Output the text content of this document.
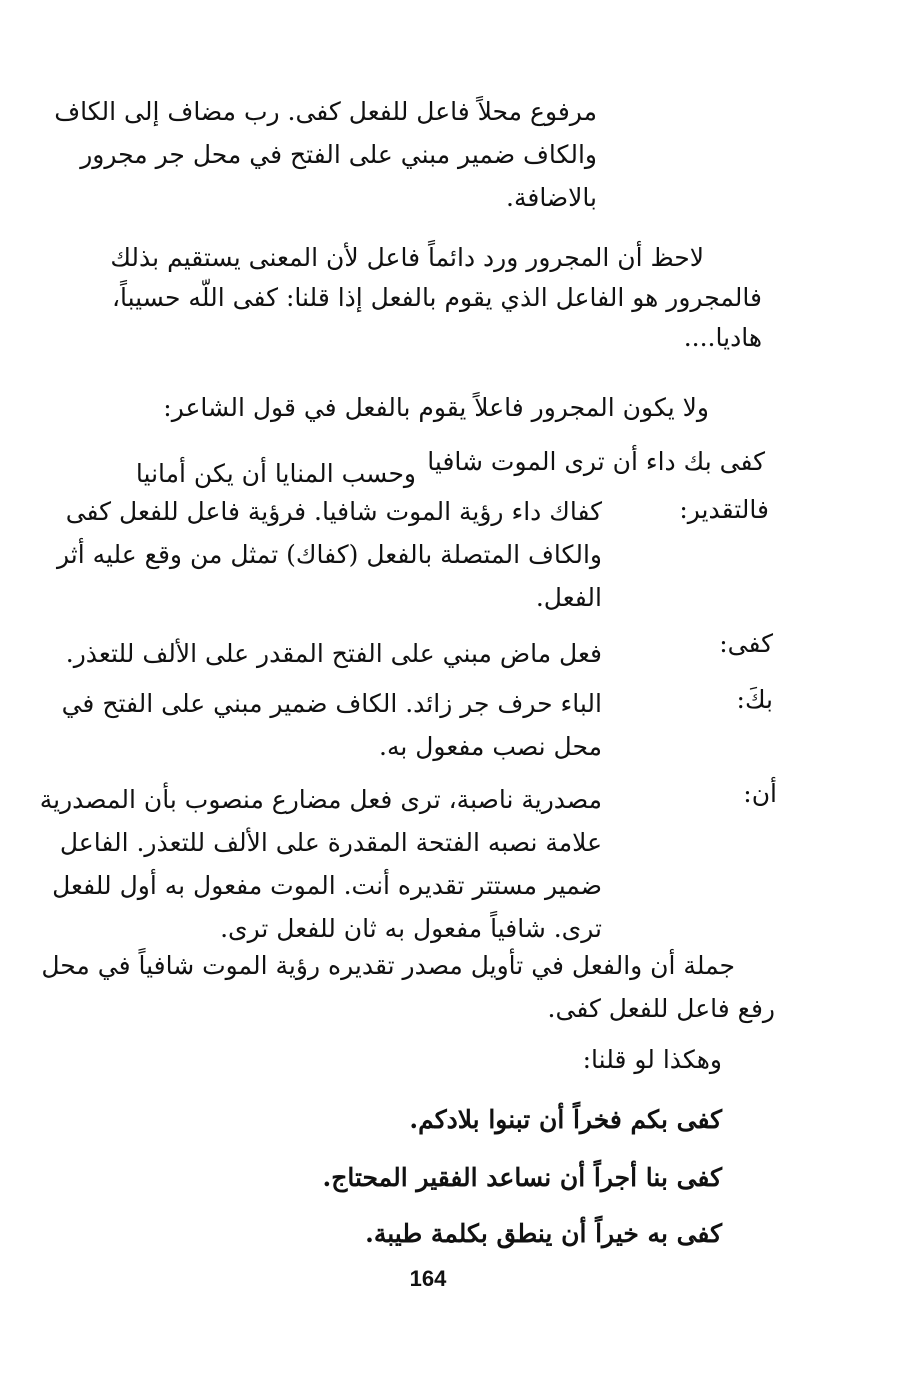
مرفوع محلاً فاعل للفعل كفى. رب مضاف إلى الكاف
والكاف ضمير مبني على الفتح في محل جر مجرور
بالاضافة.
لاحظ أن المجرور ورد دائماً فاعل لأن المعنى يستقيم بذلك
فالمجرور هو الفاعل الذي يقوم بالفعل إذا قلنا: كفى اللّه حسيباً،
هاديا....
ولا يكون المجرور فاعلاً يقوم بالفعل في قول الشاعر:
كفى بك داء أن ترى الموت شافيا
وحسب المنايا أن يكن أمانيا
فالتقدير:
كفاك داء رؤية الموت شافيا. فرؤية فاعل للفعل كفى
والكاف المتصلة بالفعل (كفاك) تمثل من وقع عليه أثر
الفعل.
كفى:
فعل ماض مبني على الفتح المقدر على الألف للتعذر.
بكَ:
الباء حرف جر زائد. الكاف ضمير مبني على الفتح في
محل نصب مفعول به.
أن:
مصدرية ناصبة، ترى فعل مضارع منصوب بأن المصدرية
علامة نصبه الفتحة المقدرة على الألف للتعذر. الفاعل
ضمير مستتر تقديره أنت. الموت مفعول به أول للفعل
ترى. شافياً مفعول به ثان للفعل ترى.
جملة أن والفعل في تأويل مصدر تقديره رؤية الموت شافياً في محل
رفع فاعل للفعل كفى.
وهكذا لو قلنا:
كفى بكم فخراً أن تبنوا بلادكم.
كفى بنا أجراً أن نساعد الفقير المحتاج.
كفى به خيراً أن ينطق بكلمة طيبة.
164
